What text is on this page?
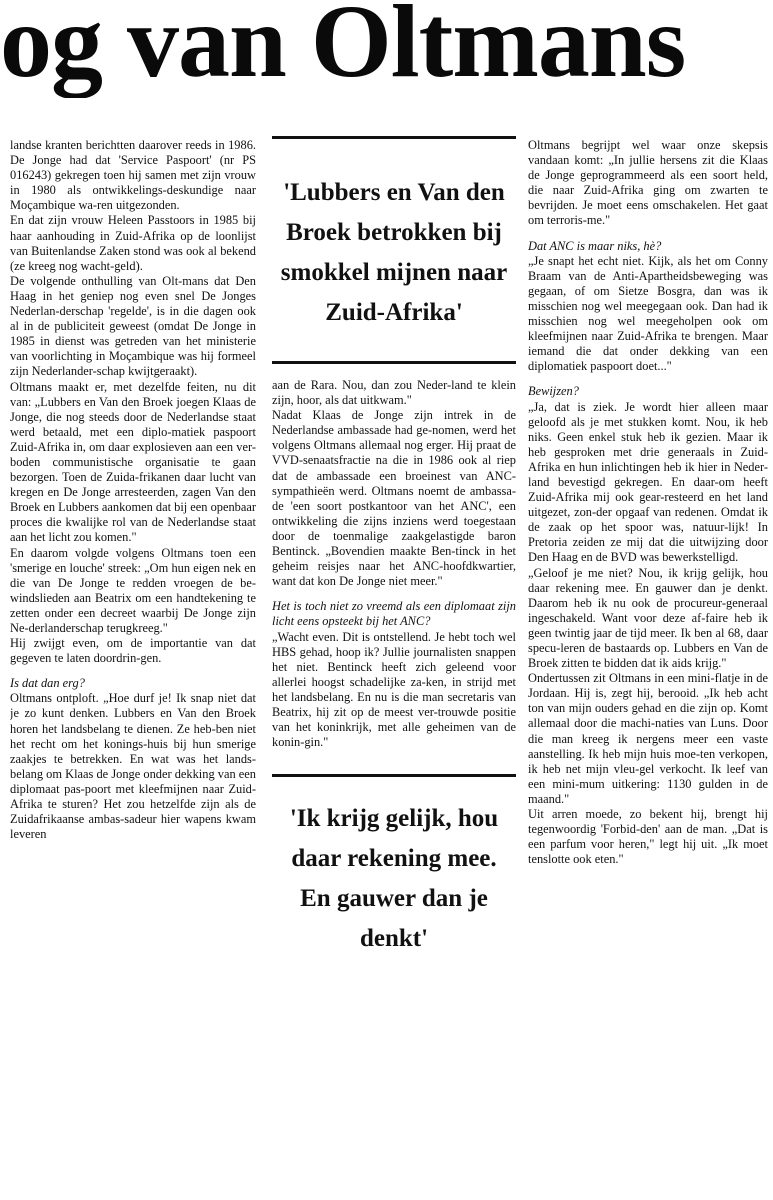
og van Oltmans

landse kranten berichtten daarover reeds in 1986. De Jonge had dat 'Service Paspoort' (nr PS 016243) gekregen toen hij samen met zijn vrouw in 1980 als ontwikkelings-deskundige naar Moçambique wa-ren uitgezonden.

En dat zijn vrouw Heleen Passtoors in 1985 bij haar aanhouding in Zuid-Afrika op de loonlijst van Buitenlandse Zaken stond was ook al bekend (ze kreeg nog wacht-geld).

De volgende onthulling van Olt-mans dat Den Haag in het geniep nog even snel De Jonges Nederlan-derschap 'regelde', is in die dagen ook al in de publiciteit geweest (omdat De Jonge in 1985 in dienst was getreden van het ministerie van voorlichting in Moçambique was hij formeel zijn Nederlander-schap kwijtgeraakt).

Oltmans maakt er, met dezelfde feiten, nu dit van: „Lubbers en Van den Broek joegen Klaas de Jonge, die nog steeds door de Nederlandse staat werd betaald, met een diplo-matiek paspoort Zuid-Afrika in, om daar explosieven aan een ver-boden communistische organisatie te gaan bezorgen. Toen de Zuida-frikanen daar lucht van kregen en De Jonge arresteerden, zagen Van den Broek en Lubbers aankomen dat bij een openbaar proces die kwalijke rol van de Nederlandse staat aan het licht zou komen."

En daarom volgde volgens Oltmans toen een 'smerige en louche' streek: „Om hun eigen nek en die van De Jonge te redden vroegen de be-windslieden aan Beatrix om een handtekening te zetten onder een decreet waarbij De Jonge zijn Ne-derlanderschap terugkreeg."

Hij zwijgt even, om de importantie van dat gegeven te laten doordrin-gen.

Is dat dan erg?

Oltmans ontploft. „Hoe durf je! Ik snap niet dat je zo kunt denken. Lubbers en Van den Broek horen het landsbelang te dienen. Ze heb-ben niet het recht om het konings-huis bij hun smerige zaakjes te betrekken. En wat was het lands-belang om Klaas de Jonge onder dekking van een diplomaat pas-poort met kleefmijnen naar Zuid-Afrika te sturen? Het zou hetzelfde zijn als de Zuidafrikaanse ambas-sadeur hier wapens kwam leveren

'Lubbers en Van den Broek betrokken bij smokkel mijnen naar Zuid-Afrika'

aan de Rara. Nou, dan zou Neder-land te klein zijn, hoor, als dat uitkwam."

Nadat Klaas de Jonge zijn intrek in de Nederlandse ambassade had ge-nomen, werd het volgens Oltmans allemaal nog erger. Hij praat de VVD-senaatsfractie na die in 1986 ook al riep dat de ambassade een broeinest van ANC-sympathieën werd. Oltmans noemt de ambassa-de 'een soort postkantoor van het ANC', een ontwikkeling die zijns inziens werd toegestaan door de toenmalige zaakgelastigde baron Bentinck. „Bovendien maakte Ben-tinck in het geheim reisjes naar het ANC-hoofdkwartier, want dat kon De Jonge niet meer."

Het is toch niet zo vreemd als een diplomaat zijn licht eens opsteekt bij het ANC?

„Wacht even. Dit is ontstellend. Je hebt toch wel HBS gehad, hoop ik? Jullie journalisten snappen het niet. Bentinck heeft zich geleend voor allerlei hoogst schadelijke za-ken, in strijd met het landsbelang. En nu is die man secretaris van Beatrix, hij zit op de meest ver-trouwde positie van het koninkrijk, met alle geheimen van de konin-gin."

'Ik krijg gelijk, hou daar rekening mee. En gauwer dan je denkt'

Oltmans begrijpt wel waar onze skepsis vandaan komt: „In jullie hersens zit die Klaas de Jonge geprogrammeerd als een soort held, die naar Zuid-Afrika ging om zwarten te bevrijden. Je moet eens omschakelen. Het gaat om terroris-me."

Dat ANC is maar niks, hè?

„Je snapt het echt niet. Kijk, als het om Conny Braam van de Anti-Apartheidsbeweging was gegaan, of om Sietze Bosgra, dan was ik misschien nog wel meegegaan ook. Dan had ik misschien nog wel meegeholpen ook om kleefmijnen naar Zuid-Afrika te brengen. Maar iemand die dat onder dekking van een diplomatiek paspoort doet..."

Bewijzen?

„Ja, dat is ziek. Je wordt hier alleen maar geloofd als je met stukken komt. Nou, ik heb niks. Geen enkel stuk heb ik gezien. Maar ik heb gesproken met drie generaals in Zuid-Afrika en hun inlichtingen heb ik hier in Neder-land bevestigd gekregen. En daar-om heeft Zuid-Afrika mij ook gear-resteerd en het land uitgezet, zon-der opgaaf van redenen. Omdat ik de zaak op het spoor was, natuur-lijk! In Pretoria zeiden ze mij dat die uitwijzing door Den Haag en de BVD was bewerkstelligd.

„Geloof je me niet? Nou, ik krijg gelijk, hou daar rekening mee. En gauwer dan je denkt. Daarom heb ik nu ook de procureur-generaal ingeschakeld. Want voor deze af-faire heb ik geen twintig jaar de tijd meer. Ik ben al 68, daar specu-leren de bastaards op. Lubbers en Van de Broek zitten te bidden dat ik aids krijg."

Ondertussen zit Oltmans in een mini-flatje in de Jordaan. Hij is, zegt hij, berooid. „Ik heb acht ton van mijn ouders gehad en die zijn op. Komt allemaal door die machi-naties van Luns. Door die man kreeg ik nergens meer een vaste aanstelling. Ik heb mijn huis moe-ten verkopen, ik heb net mijn vleu-gel verkocht. Ik leef van een mini-mum uitkering: 1130 gulden in de maand."

Uit arren moede, zo bekent hij, brengt hij tegenwoordig 'Forbid-den' aan de man. „Dat is een parfum voor heren," legt hij uit. „Ik moet tenslotte ook eten."
